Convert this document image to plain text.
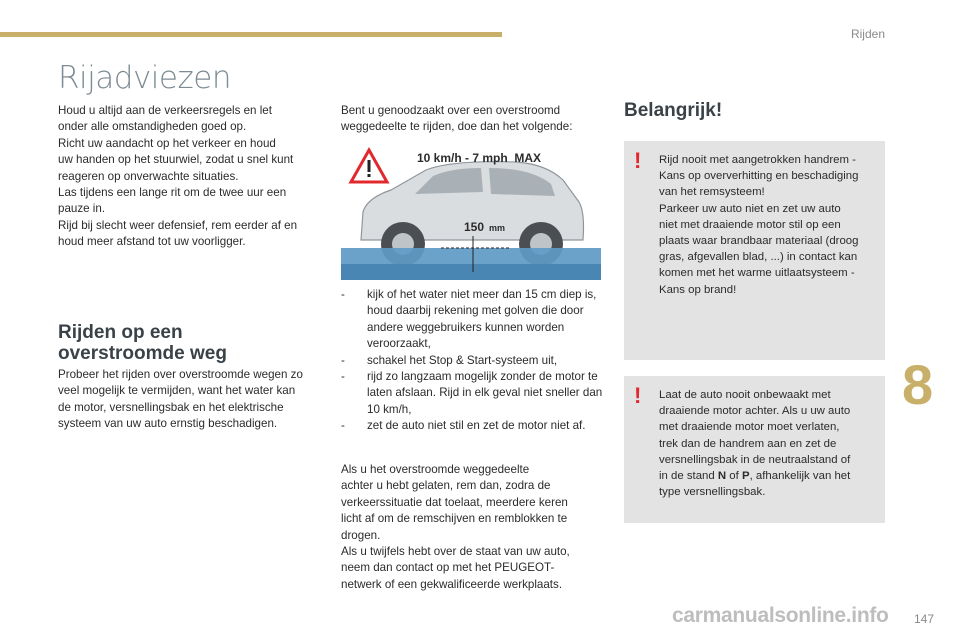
Rijden
Rijadviezen
Houd u altijd aan de verkeersregels en let
onder alle omstandigheden goed op.
Richt uw aandacht op het verkeer en houd
uw handen op het stuurwiel, zodat u snel kunt
reageren op onverwachte situaties.
Las tijdens een lange rit om de twee uur een
pauze in.
Rijd bij slecht weer defensief, rem eerder af en
houd meer afstand tot uw voorligger.
Rijden op een
overstroomde weg
Probeer het rijden over overstroomde wegen zo
veel mogelijk te vermijden, want het water kan
de motor, versnellingsbak en het elektrische
systeem van uw auto ernstig beschadigen.
Bent u genoodzaakt over een overstroomd
weggedeelte te rijden, doe dan het volgende:
10 km/h - 7 mph  MAX
150 mm
- kijk of het water niet meer dan 15 cm diep is, houd daarbij rekening met golven die door andere weggebruikers kunnen worden veroorzaakt,
- schakel het Stop & Start-systeem uit,
- rijd zo langzaam mogelijk zonder de motor te laten afslaan. Rijd in elk geval niet sneller dan 10 km/h,
- zet de auto niet stil en zet de motor niet af.
Als u het overstroomde weggedeelte
achter u hebt gelaten, rem dan, zodra de
verkeerssituatie dat toelaat, meerdere keren
licht af om de remschijven en remblokken te
drogen.
Als u twijfels hebt over de staat van uw auto,
neem dan contact op met het PEUGEOT-
netwerk of een gekwalificeerde werkplaats.
Belangrijk!
! Rijd nooit met aangetrokken handrem -
Kans op oververhitting en beschadiging
van het remsysteem!
Parkeer uw auto niet en zet uw auto
niet met draaiende motor stil op een
plaats waar brandbaar materiaal (droog
gras, afgevallen blad, ...) in contact kan
komen met het warme uitlaatsysteem -
Kans op brand!
! Laat de auto nooit onbewaakt met
draaiende motor achter. Als u uw auto
met draaiende motor moet verlaten,
trek dan de handrem aan en zet de
versnellingsbak in de neutraalstand of
in de stand N of P, afhankelijk van het
type versnellingsbak.
8
carmanualsonline.info 147
